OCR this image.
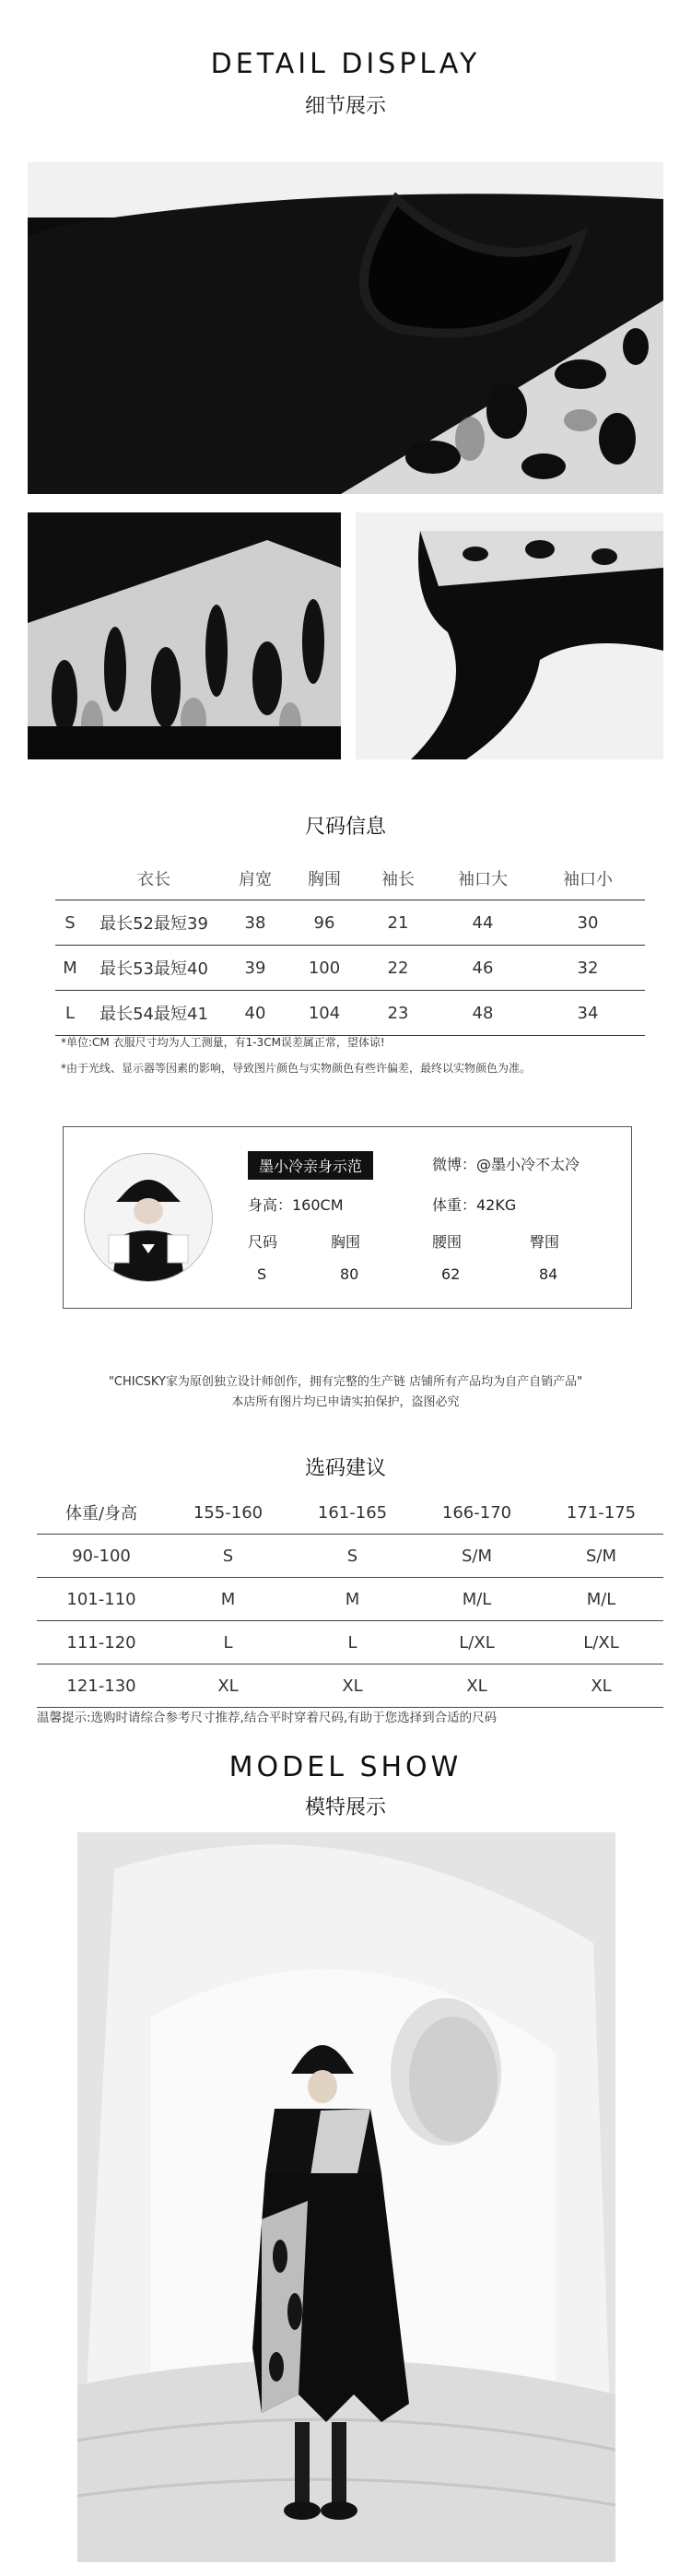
DETAIL DISPLAY
细节展示
尺码信息
	衣长	肩宽	胸围	袖长	袖口大	袖口小
S	最长52最短39	38	96	21	44	30
M	最长53最短40	39	100	22	46	32
L	最长54最短41	40	104	23	48	34
*单位:CM 衣服尺寸均为人工测量，有1-3CM误差属正常，望体谅!
*由于光线、显示器等因素的影响，导致图片颜色与实物颜色有些许偏差，最终以实物颜色为准。
墨小冷亲身示范	微博：@墨小冷不太冷
身高：160CM	体重：42KG
尺码	胸围	腰围	臀围
S	80	62	84
"CHICSKY家为原创独立设计师创作，拥有完整的生产链 店铺所有产品均为自产自销产品"
本店所有图片均已申请实拍保护，盗图必究
选码建议
体重/身高	155-160	161-165	166-170	171-175
90-100	S	S	S/M	S/M
101-110	M	M	M/L	M/L
111-120	L	L	L/XL	L/XL
121-130	XL	XL	XL	XL
温馨提示:选购时请综合参考尺寸推荐,结合平时穿着尺码,有助于您选择到合适的尺码
MODEL SHOW
模特展示
